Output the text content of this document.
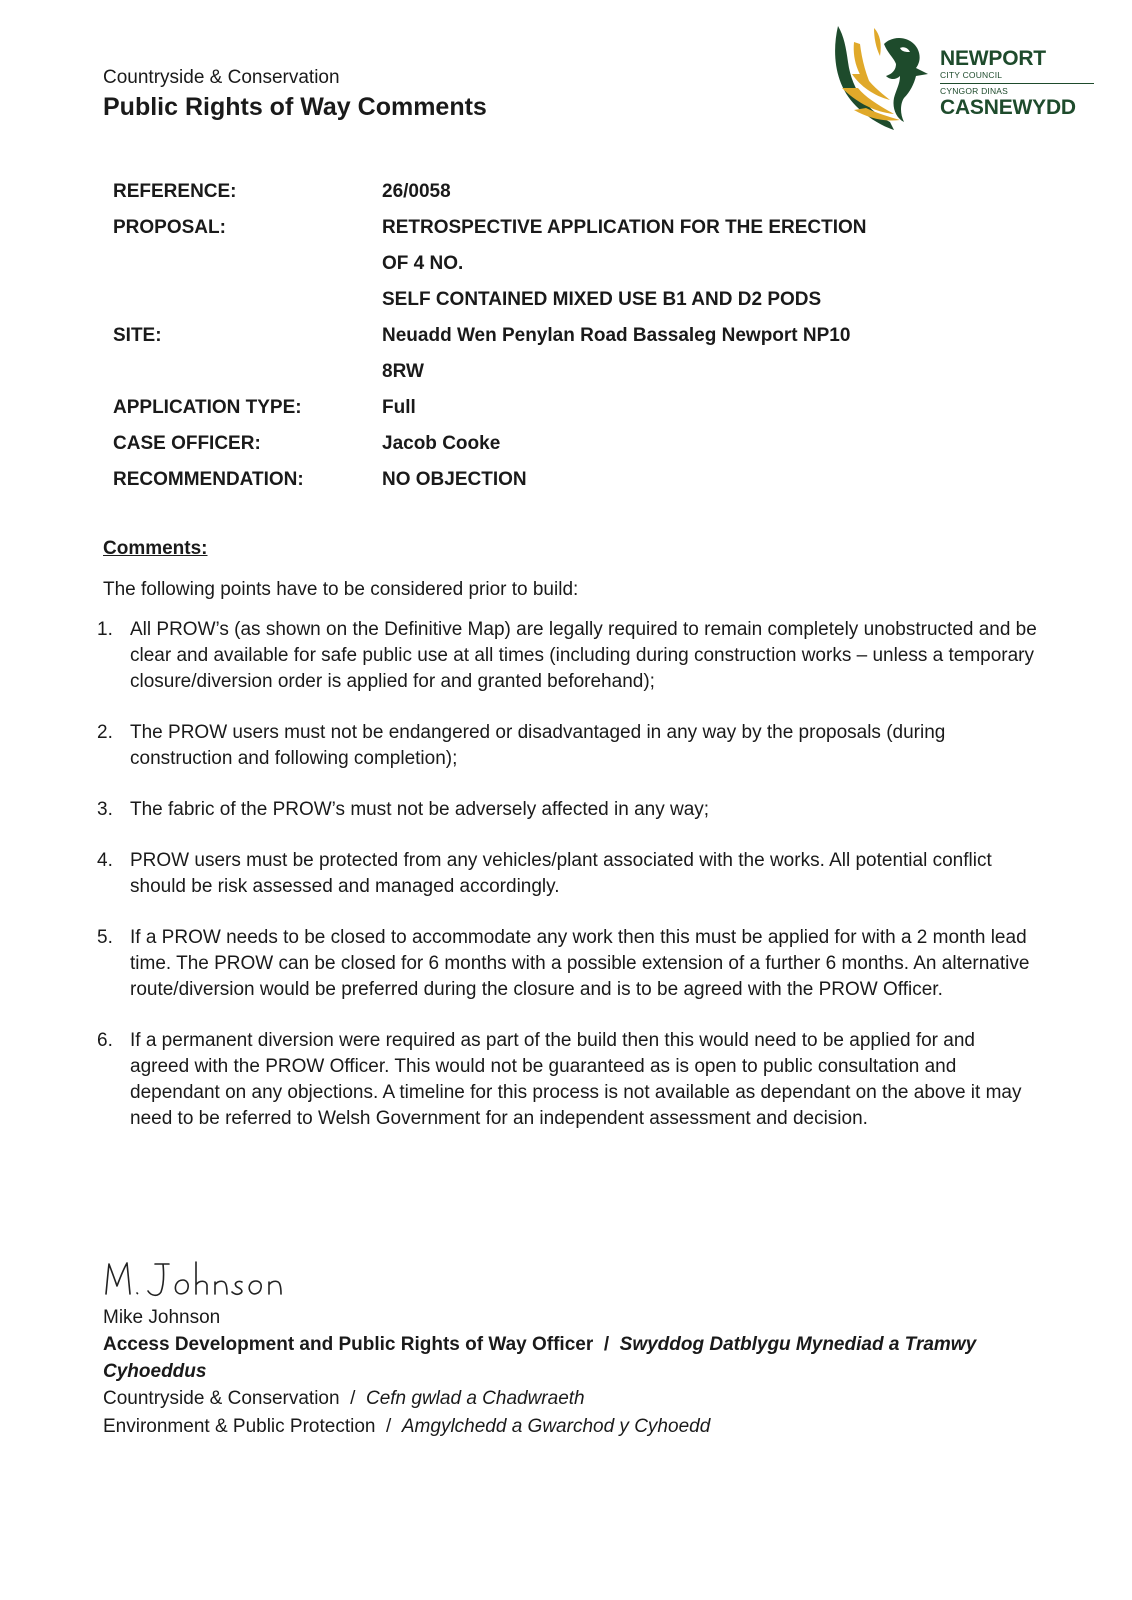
Countryside & Conservation
Public Rights of Way Comments
NEWPORT
CITY COUNCIL
CYNGOR DINAS
CASNEWYDD
REFERENCE:	26/0058
PROPOSAL:	RETROSPECTIVE APPLICATION FOR THE ERECTION
OF 4 NO.
SELF CONTAINED MIXED USE B1 AND D2 PODS
SITE:	Neuadd Wen Penylan Road Bassaleg Newport NP10
8RW
APPLICATION TYPE:	Full
CASE OFFICER:	Jacob Cooke
RECOMMENDATION:	NO OBJECTION
Comments:
The following points have to be considered prior to build:
1. All PROW’s (as shown on the Definitive Map) are legally required to remain completely unobstructed and be clear and available for safe public use at all times (including during construction works – unless a temporary closure/diversion order is applied for and granted beforehand);
2. The PROW users must not be endangered or disadvantaged in any way by the proposals (during construction and following completion);
3. The fabric of the PROW’s must not be adversely affected in any way;
4. PROW users must be protected from any vehicles/plant associated with the works. All potential conflict should be risk assessed and managed accordingly.
5. If a PROW needs to be closed to accommodate any work then this must be applied for with a 2 month lead time. The PROW can be closed for 6 months with a possible extension of a further 6 months. An alternative route/diversion would be preferred during the closure and is to be agreed with the PROW Officer.
6. If a permanent diversion were required as part of the build then this would need to be applied for and agreed with the PROW Officer. This would not be guaranteed as is open to public consultation and dependant on any objections. A timeline for this process is not available as dependant on the above it may need to be referred to Welsh Government for an independent assessment and decision.
Mike Johnson
Access Development and Public Rights of Way Officer / Swyddog Datblygu Mynediad a Tramwy Cyhoeddus
Countryside & Conservation / Cefn gwlad a Chadwraeth
Environment & Public Protection / Amgylchedd a Gwarchod y Cyhoedd
